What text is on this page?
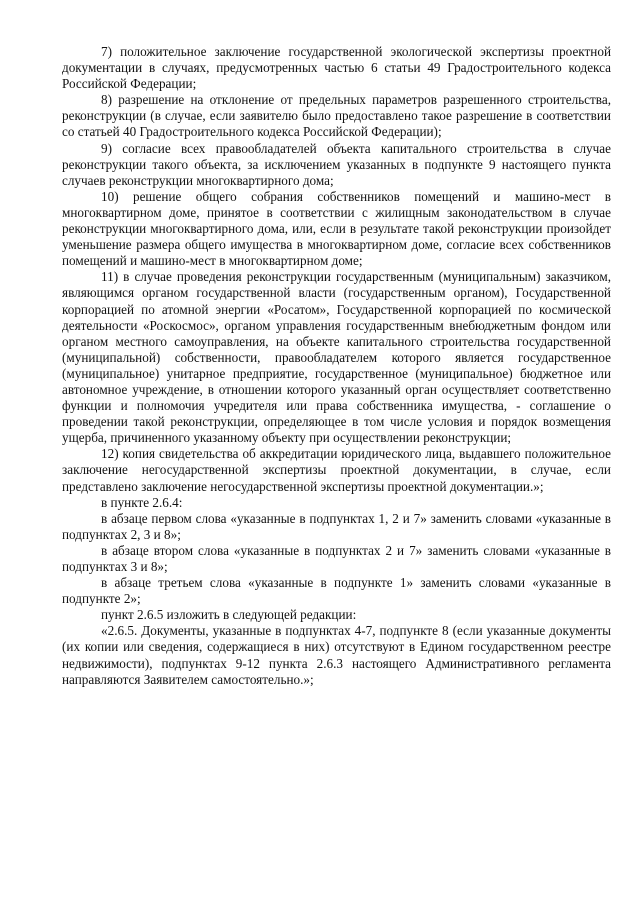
7) положительное заключение государственной экологической экспертизы проектной документации в случаях, предусмотренных частью 6 статьи 49 Градостроительного кодекса Российской Федерации;

8) разрешение на отклонение от предельных параметров разрешенного строительства, реконструкции (в случае, если заявителю было предоставлено такое разрешение в соответствии со статьей 40 Градостроительного кодекса Российской Федерации);

9) согласие всех правообладателей объекта капитального строительства в случае реконструкции такого объекта, за исключением указанных в подпункте 9 настоящего пункта случаев реконструкции многоквартирного дома;

10) решение общего собрания собственников помещений и машино-мест в многоквартирном доме, принятое в соответствии с жилищным законодательством в случае реконструкции многоквартирного дома, или, если в результате такой реконструкции произойдет уменьшение размера общего имущества в многоквартирном доме, согласие всех собственников помещений и машино-мест в многоквартирном доме;

11) в случае проведения реконструкции государственным (муниципальным) заказчиком, являющимся органом государственной власти (государственным органом), Государственной корпорацией по атомной энергии «Росатом», Государственной корпорацией по космической деятельности «Роскосмос», органом управления государственным внебюджетным фондом или органом местного самоуправления, на объекте капитального строительства государственной (муниципальной) собственности, правообладателем которого является государственное (муниципальное) унитарное предприятие, государственное (муниципальное) бюджетное или автономное учреждение, в отношении которого указанный орган осуществляет соответственно функции и полномочия учредителя или права собственника имущества, - соглашение о проведении такой реконструкции, определяющее в том числе условия и порядок возмещения ущерба, причиненного указанному объекту при осуществлении реконструкции;

12) копия свидетельства об аккредитации юридического лица, выдавшего положительное заключение негосударственной экспертизы проектной документации, в случае, если представлено заключение негосударственной экспертизы проектной документации.»;

в пункте 2.6.4:

в абзаце первом слова «указанные в подпунктах 1, 2 и 7» заменить словами «указанные в подпунктах 2, 3 и 8»;

в абзаце втором слова «указанные в подпунктах 2 и 7» заменить словами «указанные в подпунктах 3 и 8»;

в абзаце третьем слова «указанные в подпункте 1» заменить словами «указанные в подпункте 2»;

пункт 2.6.5 изложить в следующей редакции:

«2.6.5. Документы, указанные в подпунктах 4-7, подпункте 8 (если указанные документы (их копии или сведения, содержащиеся в них) отсутствуют в Едином государственном реестре недвижимости), подпунктах 9-12 пункта 2.6.3 настоящего Административного регламента направляются Заявителем самостоятельно.»;
